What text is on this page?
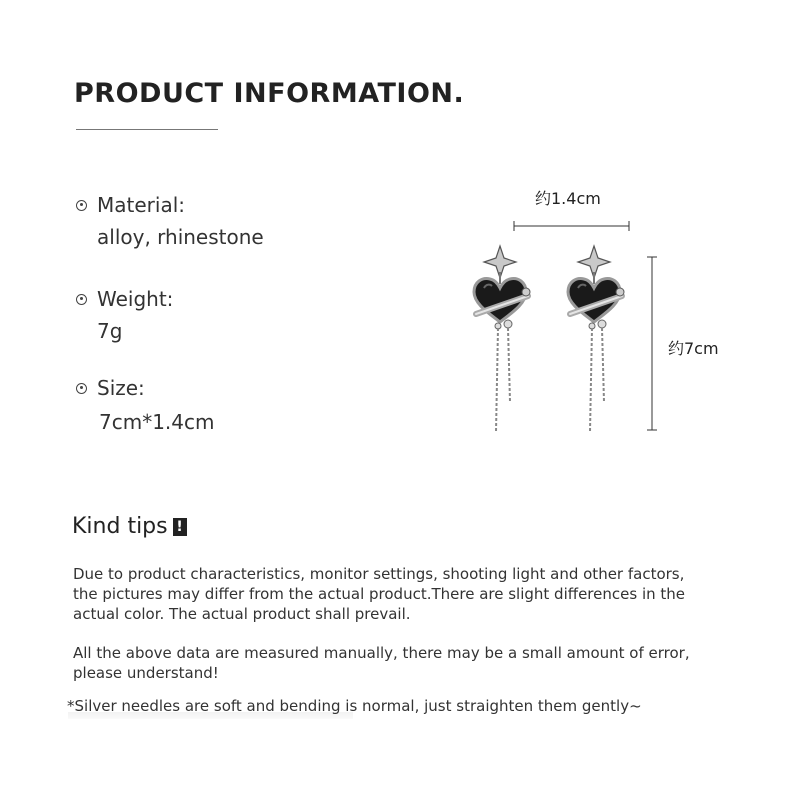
PRODUCT INFORMATION.
Material:
alloy, rhinestone
Weight:
7g
Size:
7cm*1.4cm
约1.4cm
约7cm
Kind tips !
Due to product characteristics, monitor settings, shooting light and other factors, the pictures may differ from the actual product.There are slight differences in the actual color. The actual product shall prevail.
All the above data are measured manually, there may be a small amount of error, please understand!
*Silver needles are soft and bending is normal, just straighten them gently~
